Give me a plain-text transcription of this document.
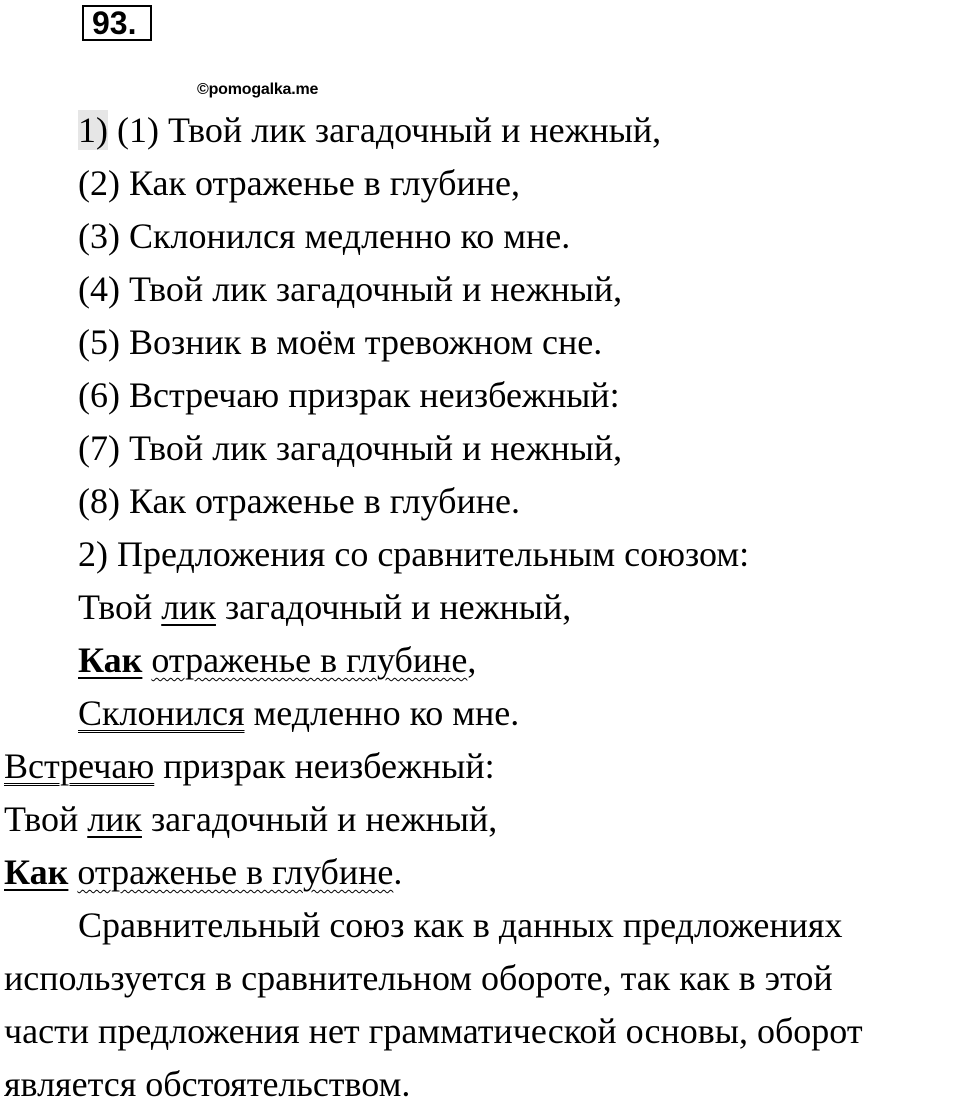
93.
©pomogalka.me
1) (1) Твой лик загадочный и нежный,
(2) Как отраженье в глубине,
(3) Склонился медленно ко мне.
(4) Твой лик загадочный и нежный,
(5) Возник в моём тревожном сне.
(6) Встречаю призрак неизбежный:
(7) Твой лик загадочный и нежный,
(8) Как отраженье в глубине.
2) Предложения со сравнительным союзом:
Твой лик загадочный и нежный,
Как отраженье в глубине,
Склонился медленно ко мне.
Встречаю призрак неизбежный:
Твой лик загадочный и нежный,
Как отраженье в глубине.
Сравнительный союз как в данных предложениях
используется в сравнительном обороте, так как в этой
части предложения нет грамматической основы, оборот
является обстоятельством.
